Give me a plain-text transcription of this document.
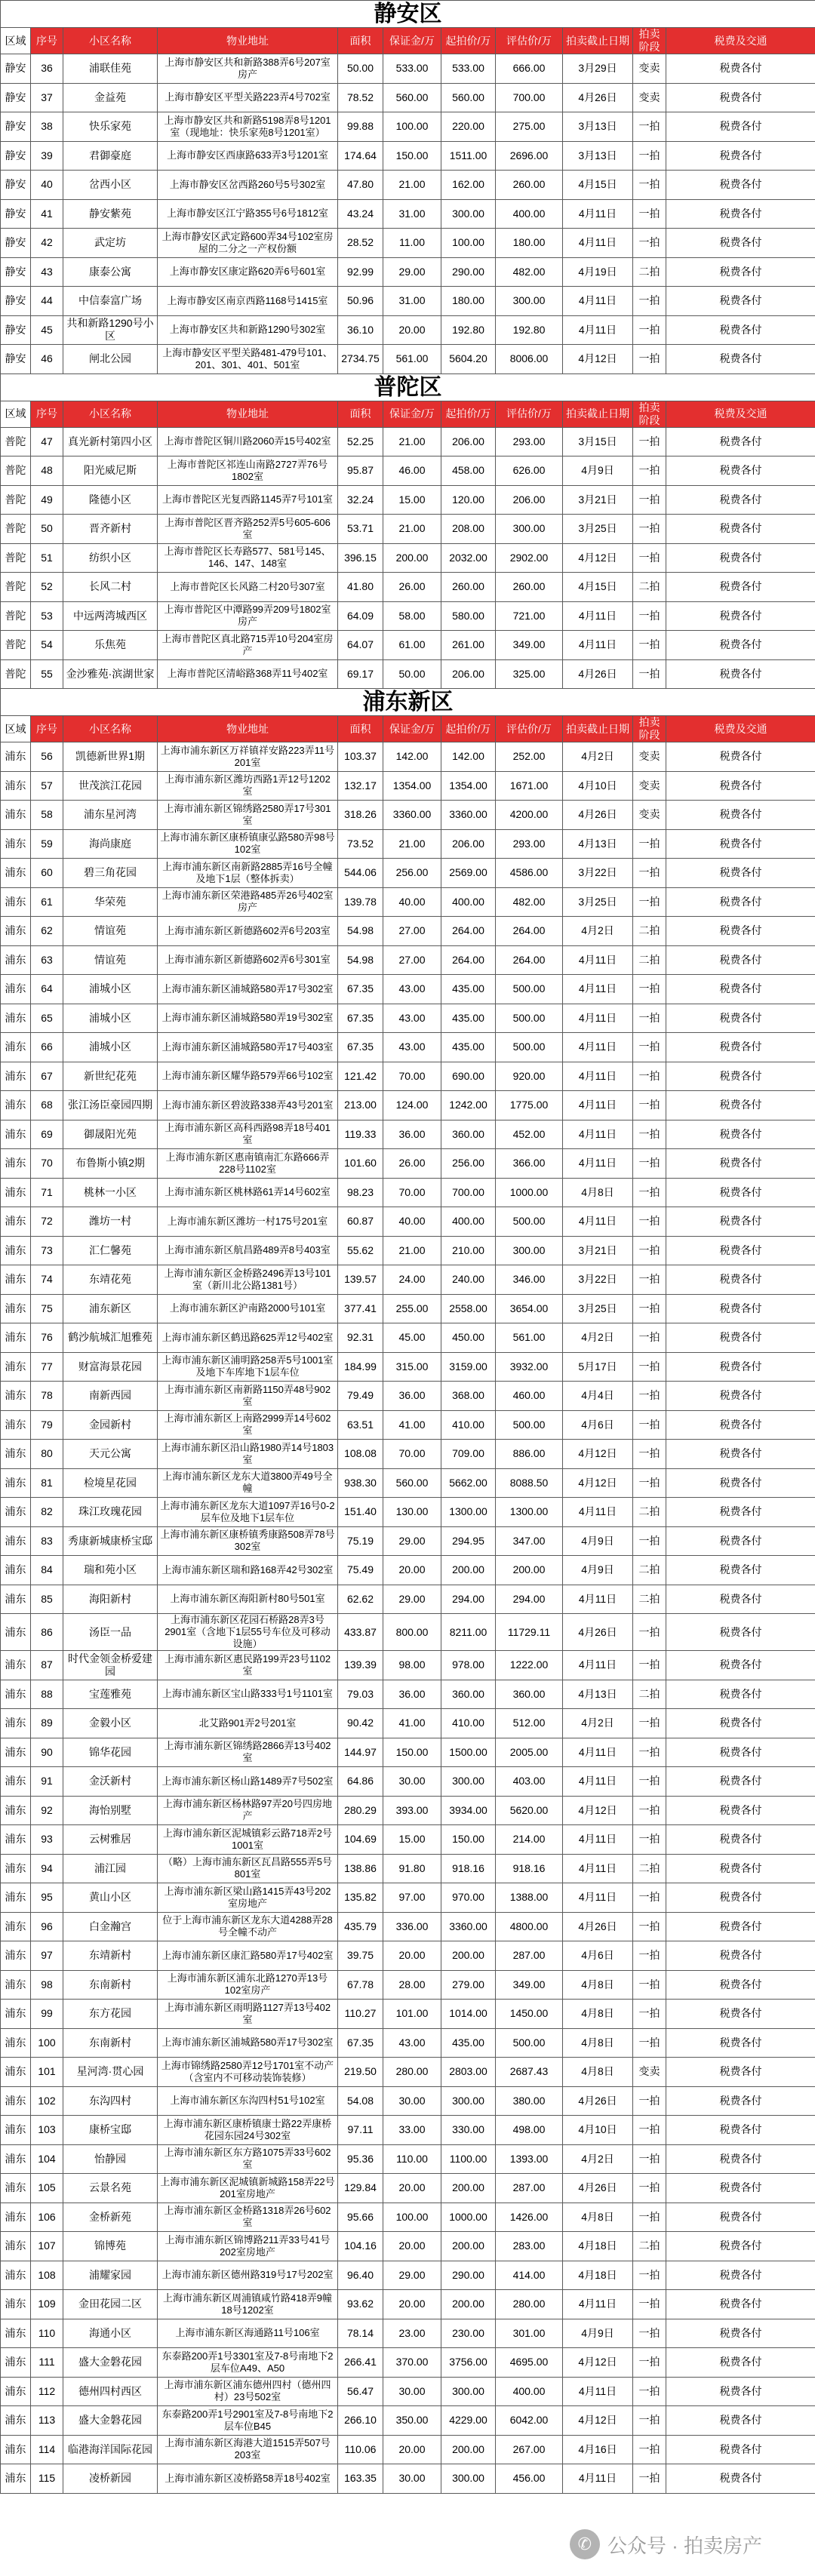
静安区										
区域	序号	小区名称	物业地址	面积	保证金/万	起拍价/万	评估价/万	拍卖截止日期	拍卖阶段	税费及交通
静安	36	浦联佳苑	上海市静安区共和新路388弄6号207室房产	50.00	533.00	533.00	666.00	3月29日	变卖	税费各付
静安	37	金益苑	上海市静安区平型关路223弄4号702室	78.52	560.00	560.00	700.00	4月26日	变卖	税费各付
静安	38	快乐家苑	上海市静安区共和新路5198弄8号1201室（现地址：快乐家苑8号1201室）	99.88	100.00	220.00	275.00	3月13日	一拍	税费各付
静安	39	君御豪庭	上海市静安区西康路633弄3号1201室	174.64	150.00	1511.00	2696.00	3月13日	一拍	税费各付
静安	40	岔西小区	上海市静安区岔西路260号5号302室	47.80	21.00	162.00	260.00	4月15日	一拍	税费各付
静安	41	静安紫苑	上海市静安区江宁路355号6号1812室	43.24	31.00	300.00	400.00	4月11日	一拍	税费各付
静安	42	武定坊	上海市静安区武定路600弄34号102室房屋的二分之一产权份额	28.52	11.00	100.00	180.00	4月11日	一拍	税费各付
静安	43	康泰公寓	上海市静安区康定路620弄6号601室	92.99	29.00	290.00	482.00	4月19日	二拍	税费各付
静安	44	中信泰富广场	上海市静安区南京西路1168号1415室	50.96	31.00	180.00	300.00	4月11日	一拍	税费各付
静安	45	共和新路1290号小区	上海市静安区共和新路1290号302室	36.10	20.00	192.80	192.80	4月11日	一拍	税费各付
静安	46	闸北公园	上海市静安区平型关路481-479号101、201、301、401、501室	2734.75	561.00	5604.20	8006.00	4月12日	一拍	税费各付
普陀区										
区域	序号	小区名称	物业地址	面积	保证金/万	起拍价/万	评估价/万	拍卖截止日期	拍卖阶段	税费及交通
普陀	47	真光新村第四小区	上海市普陀区铜川路2060弄15号402室	52.25	21.00	206.00	293.00	3月15日	一拍	税费各付
普陀	48	阳光威尼斯	上海市普陀区祁连山南路2727弄76号1802室	95.87	46.00	458.00	626.00	4月9日	一拍	税费各付
普陀	49	隆德小区	上海市普陀区光复西路1145弄7号101室	32.24	15.00	120.00	206.00	3月21日	一拍	税费各付
普陀	50	晋齐新村	上海市普陀区晋齐路252弄5号605-606室	53.71	21.00	208.00	300.00	3月25日	一拍	税费各付
普陀	51	纺织小区	上海市普陀区长寿路577、581号145、146、147、148室	396.15	200.00	2032.00	2902.00	4月12日	一拍	税费各付
普陀	52	长风二村	上海市普陀区长风路二村20号307室	41.80	26.00	260.00	260.00	4月15日	二拍	税费各付
普陀	53	中远两湾城西区	上海市普陀区中潭路99弄209号1802室房产	64.09	58.00	580.00	721.00	4月11日	一拍	税费各付
普陀	54	乐焦苑	上海市普陀区真北路715弄10号204室房产	64.07	61.00	261.00	349.00	4月11日	一拍	税费各付
普陀	55	金沙雅苑·滨湖世家	上海市普陀区清峪路368弄11号402室	69.17	50.00	206.00	325.00	4月26日	一拍	税费各付
浦东新区										
区域	序号	小区名称	物业地址	面积	保证金/万	起拍价/万	评估价/万	拍卖截止日期	拍卖阶段	税费及交通
浦东	56	凯德新世界1期	上海市浦东新区万祥镇祥安路223弄11号201室	103.37	142.00	142.00	252.00	4月2日	变卖	税费各付
浦东	57	世茂滨江花园	上海市浦东新区潍坊西路1弄12号1202室	132.17	1354.00	1354.00	1671.00	4月10日	变卖	税费各付
浦东	58	浦东星河湾	上海市浦东新区锦绣路2580弄17号301室	318.26	3360.00	3360.00	4200.00	4月26日	变卖	税费各付
浦东	59	海尚康庭	上海市浦东新区康桥镇康弘路580弄98号102室	73.52	21.00	206.00	293.00	4月13日	一拍	税费各付
浦东	60	碧三角花园	上海市浦东新区南新路2885弄16号全幢及地下1层（整体拆卖）	544.06	256.00	2569.00	4586.00	3月22日	一拍	税费各付
浦东	61	华荣苑	上海市浦东新区荣港路485弄26号402室房产	139.78	40.00	400.00	482.00	3月25日	一拍	税费各付
浦东	62	情谊苑	上海市浦东新区新德路602弄6号203室	54.98	27.00	264.00	264.00	4月2日	二拍	税费各付
浦东	63	情谊苑	上海市浦东新区新德路602弄6号301室	54.98	27.00	264.00	264.00	4月11日	二拍	税费各付
浦东	64	浦城小区	上海市浦东新区浦城路580弄17号302室	67.35	43.00	435.00	500.00	4月11日	一拍	税费各付
浦东	65	浦城小区	上海市浦东新区浦城路580弄19号302室	67.35	43.00	435.00	500.00	4月11日	一拍	税费各付
浦东	66	浦城小区	上海市浦东新区浦城路580弄17号403室	67.35	43.00	435.00	500.00	4月11日	一拍	税费各付
浦东	67	新世纪花苑	上海市浦东新区耀华路579弄66号102室	121.42	70.00	690.00	920.00	4月11日	一拍	税费各付
浦东	68	张江汤臣豪园四期	上海市浦东新区碧波路338弄43号201室	213.00	124.00	1242.00	1775.00	4月11日	一拍	税费各付
浦东	69	御晟阳光苑	上海市浦东新区高科西路98弄18号401室	119.33	36.00	360.00	452.00	4月11日	一拍	税费各付
浦东	70	布鲁斯小镇2期	上海市浦东新区惠南镇南汇东路666弄228号1102室	101.60	26.00	256.00	366.00	4月11日	一拍	税费各付
浦东	71	桃林一小区	上海市浦东新区桃林路61弄14号602室	98.23	70.00	700.00	1000.00	4月8日	一拍	税费各付
浦东	72	潍坊一村	上海市浦东新区潍坊一村175号201室	60.87	40.00	400.00	500.00	4月11日	一拍	税费各付
浦东	73	汇仁馨苑	上海市浦东新区航昌路489弄8号403室	55.62	21.00	210.00	300.00	3月21日	一拍	税费各付
浦东	74	东靖花苑	上海市浦东新区金桥路2496弄13号101室（新川北公路1381号）	139.57	24.00	240.00	346.00	3月22日	一拍	税费各付
浦东	75	浦东新区	上海市浦东新区沪南路2000号101室	377.41	255.00	2558.00	3654.00	3月25日	一拍	税费各付
浦东	76	鹤沙航城汇旭雅苑	上海市浦东新区鹤迅路625弄12号402室	92.31	45.00	450.00	561.00	4月2日	一拍	税费各付
浦东	77	财富海景花园	上海市浦东新区浦明路258弄5号1001室及地下车库地下1层车位	184.99	315.00	3159.00	3932.00	5月17日	一拍	税费各付
浦东	78	南新西园	上海市浦东新区南新路1150弄48号902室	79.49	36.00	368.00	460.00	4月4日	一拍	税费各付
浦东	79	金园新村	上海市浦东新区上南路2999弄14号602室	63.51	41.00	410.00	500.00	4月6日	一拍	税费各付
浦东	80	天元公寓	上海市浦东新区沿山路1980弄14号1803室	108.08	70.00	709.00	886.00	4月12日	一拍	税费各付
浦东	81	检境星花园	上海市浦东新区龙东大道3800弄49号全幢	938.30	560.00	5662.00	8088.50	4月12日	一拍	税费各付
浦东	82	珠江玫瑰花园	上海市浦东新区龙东大道1097弄16号0-2层车位及地下1层车位	151.40	130.00	1300.00	1300.00	4月11日	二拍	税费各付
浦东	83	秀康新城康桥宝邸	上海市浦东新区康桥镇秀康路508弄78号302室	75.19	29.00	294.95	347.00	4月9日	一拍	税费各付
浦东	84	瑞和苑小区	上海市浦东新区瑞和路168弄42号302室	75.49	20.00	200.00	200.00	4月9日	二拍	税费各付
浦东	85	海阳新村	上海市浦东新区海阳新村80号501室	62.62	29.00	294.00	294.00	4月11日	二拍	税费各付
浦东	86	汤臣一品	上海市浦东新区花园石桥路28弄3号2901室（含地下1层55号车位及可移动设施）	433.87	800.00	8211.00	11729.11	4月26日	一拍	税费各付
浦东	87	时代金领金桥爱建园	上海市浦东新区惠民路199弄23号1102室	139.39	98.00	978.00	1222.00	4月11日	一拍	税费各付
浦东	88	宝莲雅苑	上海市浦东新区宝山路333号1号1101室	79.03	36.00	360.00	360.00	4月13日	二拍	税费各付
浦东	89	金毅小区	北艾路901弄2号201室	90.42	41.00	410.00	512.00	4月2日	一拍	税费各付
浦东	90	锦华花园	上海市浦东新区锦绣路2866弄13号402室	144.97	150.00	1500.00	2005.00	4月11日	一拍	税费各付
浦东	91	金沃新村	上海市浦东新区杨山路1489弄7号502室	64.86	30.00	300.00	403.00	4月11日	一拍	税费各付
浦东	92	海怡别墅	上海市浦东新区杨林路97弄20号四房地产	280.29	393.00	3934.00	5620.00	4月12日	一拍	税费各付
浦东	93	云树雅居	上海市浦东新区泥城镇彩云路718弄2号1001室	104.69	15.00	150.00	214.00	4月11日	一拍	税费各付
浦东	94	浦江园	（略）上海市浦东新区瓦昌路555弄5号801室	138.86	91.80	918.16	918.16	4月11日	二拍	税费各付
浦东	95	黄山小区	上海市浦东新区梁山路1415弄43号202室房地产	135.82	97.00	970.00	1388.00	4月11日	一拍	税费各付
浦东	96	白金瀚宫	位于上海市浦东新区龙东大道4288弄28号全幢不动产	435.79	336.00	3360.00	4800.00	4月26日	一拍	税费各付
浦东	97	东靖新村	上海市浦东新区康汇路580弄17号402室	39.75	20.00	200.00	287.00	4月6日	一拍	税费各付
浦东	98	东南新村	上海市浦东新区浦东北路1270弄13号102室房产	67.78	28.00	279.00	349.00	4月8日	一拍	税费各付
浦东	99	东方花园	上海市浦东新区雨明路1127弄13号402室	110.27	101.00	1014.00	1450.00	4月8日	一拍	税费各付
浦东	100	东南新村	上海市浦东新区浦城路580弄17号302室	67.35	43.00	435.00	500.00	4月8日	一拍	税费各付
浦东	101	星河湾·贯心园	上海市锦绣路2580弄12号1701室不动产（含室内不可移动装饰装修）	219.50	280.00	2803.00	2687.43	4月8日	变卖	税费各付
浦东	102	东沟四村	上海市浦东新区东沟四村51号102室	54.08	30.00	300.00	380.00	4月26日	一拍	税费各付
浦东	103	康桥宝邸	上海市浦东新区康桥镇康士路22弄康桥花园东园24号302室	97.11	33.00	330.00	498.00	4月10日	一拍	税费各付
浦东	104	怡静园	上海市浦东新区东方路1075弄33号602室	95.36	110.00	1100.00	1393.00	4月2日	一拍	税费各付
浦东	105	云景名苑	上海市浦东新区泥城镇新城路158弄22号201室房地产	129.84	20.00	200.00	287.00	4月26日	一拍	税费各付
浦东	106	金桥新苑	上海市浦东新区金桥路1318弄26号602室	95.66	100.00	1000.00	1426.00	4月8日	一拍	税费各付
浦东	107	锦博苑	上海市浦东新区锦博路211弄33号41号202室房地产	104.16	20.00	200.00	283.00	4月18日	二拍	税费各付
浦东	108	浦耀家园	上海市浦东新区德州路319号17号202室	96.40	29.00	290.00	414.00	4月18日	一拍	税费各付
浦东	109	金田花园二区	上海市浦东新区周浦镇咸竹路418弄9幢18号1202室	93.62	20.00	200.00	280.00	4月11日	一拍	税费各付
浦东	110	海通小区	上海市浦东新区海通路11号106室	78.14	23.00	230.00	301.00	4月9日	一拍	税费各付
浦东	111	盛大金磐花园	东泰路200弄1号3301室及7-8号南地下2层车位A49、A50	266.41	370.00	3756.00	4695.00	4月12日	一拍	税费各付
浦东	112	德州四村西区	上海市浦东新区浦东德州四村（德州四村）23号502室	56.47	30.00	300.00	400.00	4月11日	一拍	税费各付
浦东	113	盛大金磐花园	东泰路200弄1号2901室及7-8号南地下2层车位B45	266.10	350.00	4229.00	6042.00	4月12日	一拍	税费各付
浦东	114	临港海洋国际花园	上海市浦东新区海港大道1515弄507号203室	110.06	20.00	200.00	267.00	4月16日	一拍	税费各付
浦东	115	凌桥新园	上海市浦东新区凌桥路58弄18号402室	163.35	30.00	300.00	456.00	4月11日	一拍	税费各付
✆ 公众号 · 拍卖房产
